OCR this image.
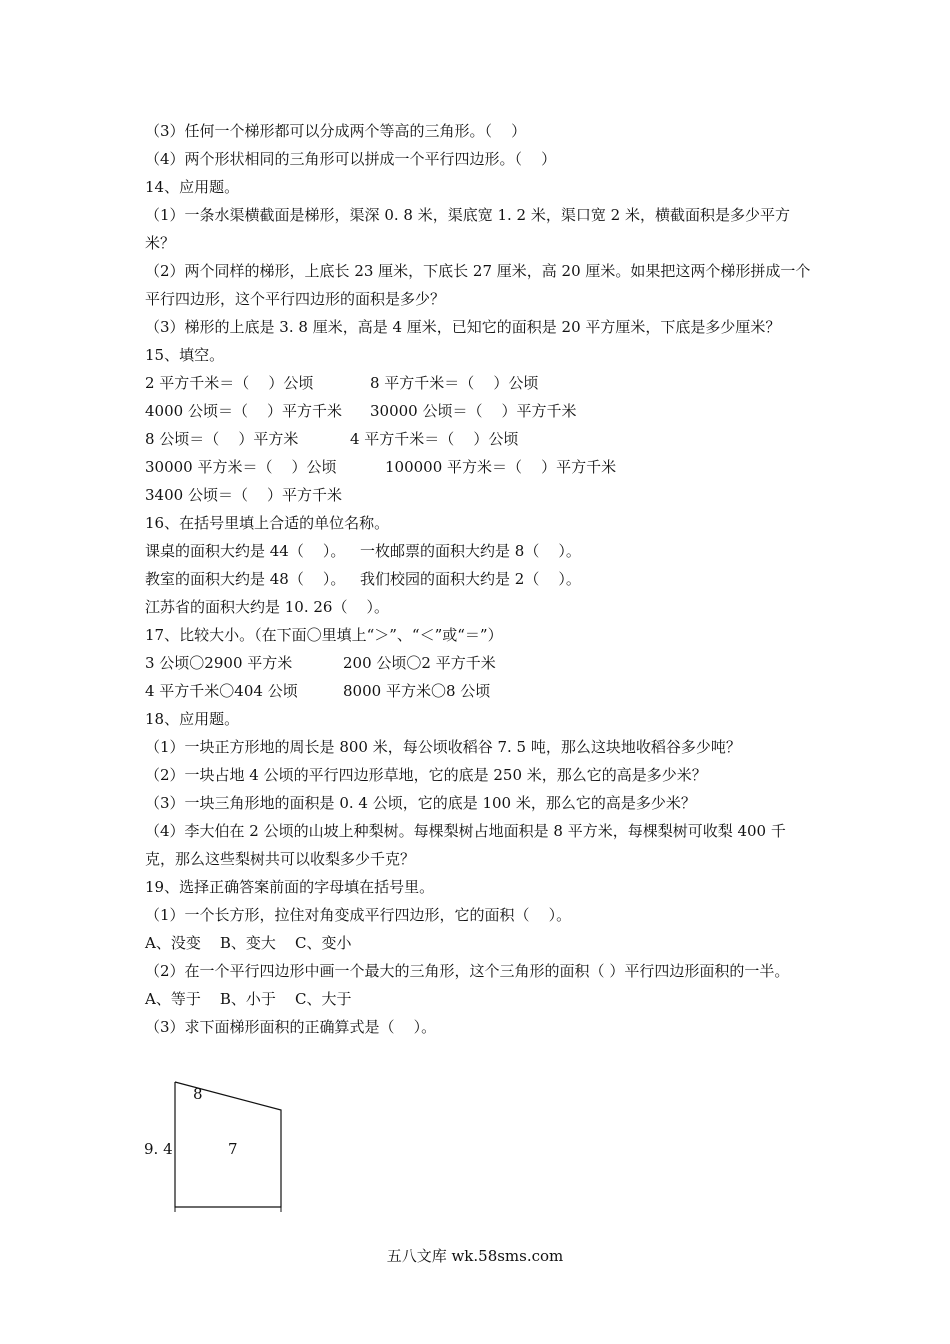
（3）任何一个梯形都可以分成两个等高的三角形。（    ）
（4）两个形状相同的三角形可以拼成一个平行四边形。（    ）
14、应用题。
（1）一条水渠横截面是梯形，渠深 0. 8 米，渠底宽 1. 2 米，渠口宽 2 米，横截面积是多少平方米？
（2）两个同样的梯形，上底长 23 厘米，下底长 27 厘米，高 20 厘米。如果把这两个梯形拼成一个平行四边形，这个平行四边形的面积是多少？
（3）梯形的上底是 3. 8 厘米，高是 4 厘米，已知它的面积是 20 平方厘米，下底是多少厘米？
15、填空。
2 平方千米＝（    ）公顷	8 平方千米＝（    ）公顷
4000 公顷＝（    ）平方千米	30000 公顷＝（    ）平方千米
8 公顷＝（    ）平方米	4 平方千米＝（    ）公顷
30000 平方米＝（    ）公顷	100000 平方米＝（    ）平方千米
3400 公顷＝（    ）平方千米
16、在括号里填上合适的单位名称。
课桌的面积大约是 44（    ）。 一枚邮票的面积大约是 8（    ）。
教室的面积大约是 48（    ）。 我们校园的面积大约是 2（    ）。
江苏省的面积大约是 10. 26（    ）。
17、比较大小。（在下面〇里填上“＞”、“＜”或“＝”）
3 公顷〇2900 平方米	200 公顷〇2 平方千米
4 平方千米〇404 公顷	8000 平方米〇8 公顷
18、应用题。
（1）一块正方形地的周长是 800 米，每公顷收稻谷 7. 5 吨，那么这块地收稻谷多少吨？
（2）一块占地 4 公顷的平行四边形草地，它的底是 250 米，那么它的高是多少米？
（3）一块三角形地的面积是 0. 4 公顷，它的底是 100 米，那么它的高是多少米？
（4）李大伯在 2 公顷的山坡上种梨树。每棵梨树占地面积是 8 平方米，每棵梨树可收梨 400 千克，那么这些梨树共可以收梨多少千克？
19、选择正确答案前面的字母填在括号里。
（1）一个长方形，拉住对角变成平行四边形，它的面积（    ）。
A、没变    B、变大    C、变小
（2）在一个平行四边形中画一个最大的三角形，这个三角形的面积（ ）平行四边形面积的一半。
A、等于    B、小于    C、大于
（3）求下面梯形面积的正确算式是（    ）。
8
7
9. 4
五八文库 wk.58sms.com
